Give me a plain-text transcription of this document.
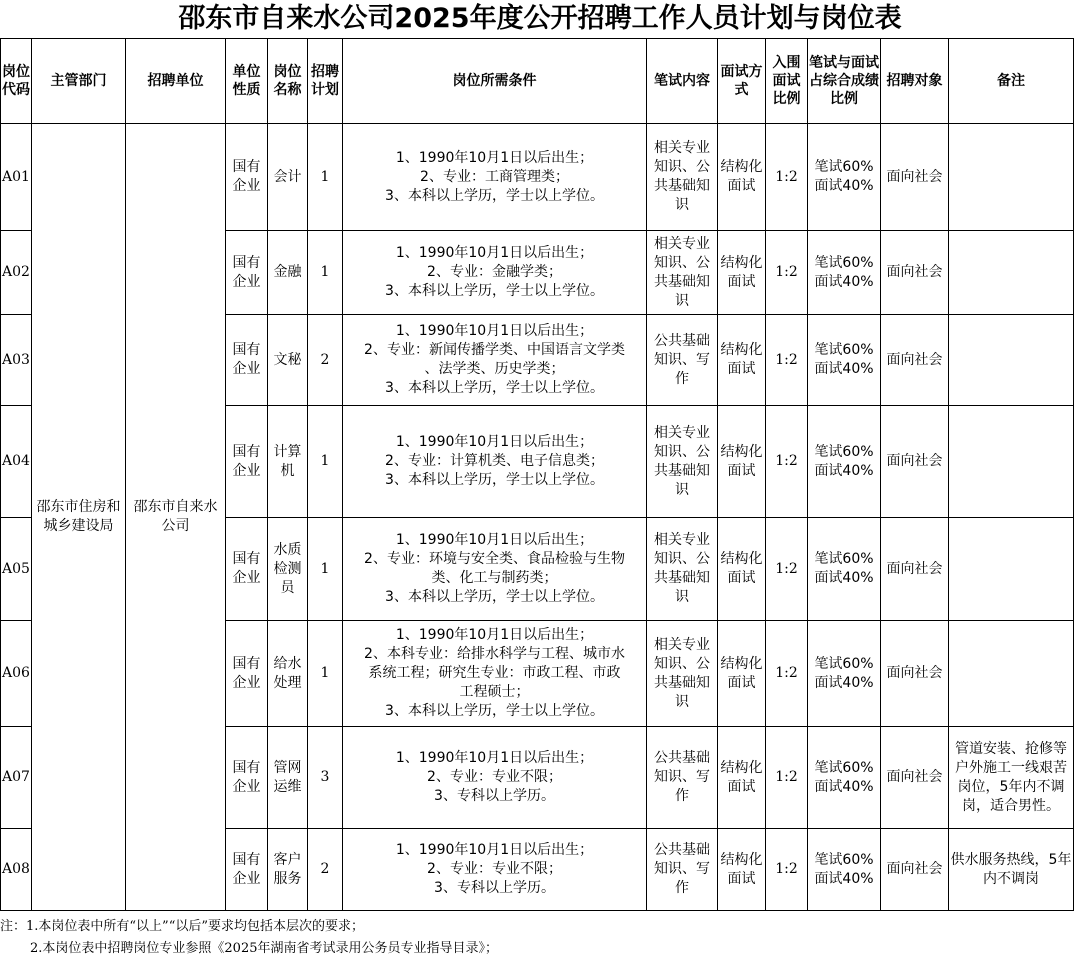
邵东市自来水公司2025年度公开招聘工作人员计划与岗位表
岗位代码	主管部门	招聘单位	单位性质	岗位名称	招聘计划	岗位所需条件	笔试内容	面试方式	入围面试比例	笔试与面试占综合成绩比例	招聘对象	备注
A01	邵东市住房和城乡建设局	邵东市自来水公司	国有企业	会计	1	1、1990年10月1日以后出生；
2、专业：工商管理类；
3、本科以上学历，学士以上学位。	相关专业知识、公共基础知识	结构化面试	1:2	笔试60%面试40%	面向社会	
A02			国有企业	金融	1	1、1990年10月1日以后出生；
2、专业：金融学类；
3、本科以上学历，学士以上学位。	相关专业知识、公共基础知识	结构化面试	1:2	笔试60%面试40%	面向社会	
A03			国有企业	文秘	2	1、1990年10月1日以后出生；
2、专业：新闻传播学类、中国语言文学类
、法学类、历史学类；
3、本科以上学历，学士以上学位。	公共基础知识、写作	结构化面试	1:2	笔试60%面试40%	面向社会	
A04			国有企业	计算机	1	1、1990年10月1日以后出生；
2、专业：计算机类、电子信息类；
3、本科以上学历，学士以上学位。	相关专业知识、公共基础知识	结构化面试	1:2	笔试60%面试40%	面向社会	
A05			国有企业	水质检测员	1	1、1990年10月1日以后出生；
2、专业：环境与安全类、食品检验与生物
类、化工与制药类；
3、本科以上学历，学士以上学位。	相关专业知识、公共基础知识	结构化面试	1:2	笔试60%面试40%	面向社会	
A06			国有企业	给水处理	1	1、1990年10月1日以后出生；
2、本科专业：给排水科学与工程、城市水
系统工程；研究生专业：市政工程、市政
工程硕士；
3、本科以上学历，学士以上学位。	相关专业知识、公共基础知识	结构化面试	1:2	笔试60%面试40%	面向社会	
A07			国有企业	管网运维	3	1、1990年10月1日以后出生；
2、专业：专业不限；
3、专科以上学历。	公共基础知识、写作	结构化面试	1:2	笔试60%面试40%	面向社会	管道安装、抢修等户外施工一线艰苦岗位，5年内不调岗，适合男性。
A08			国有企业	客户服务	2	1、1990年10月1日以后出生；
2、专业：专业不限；
3、专科以上学历。	公共基础知识、写作	结构化面试	1:2	笔试60%面试40%	面向社会	供水服务热线，5年内不调岗
注：1.本岗位表中所有“以上”“以后”要求均包括本层次的要求；
2.本岗位表中招聘岗位专业参照《2025年湖南省考试录用公务员专业指导目录》；
